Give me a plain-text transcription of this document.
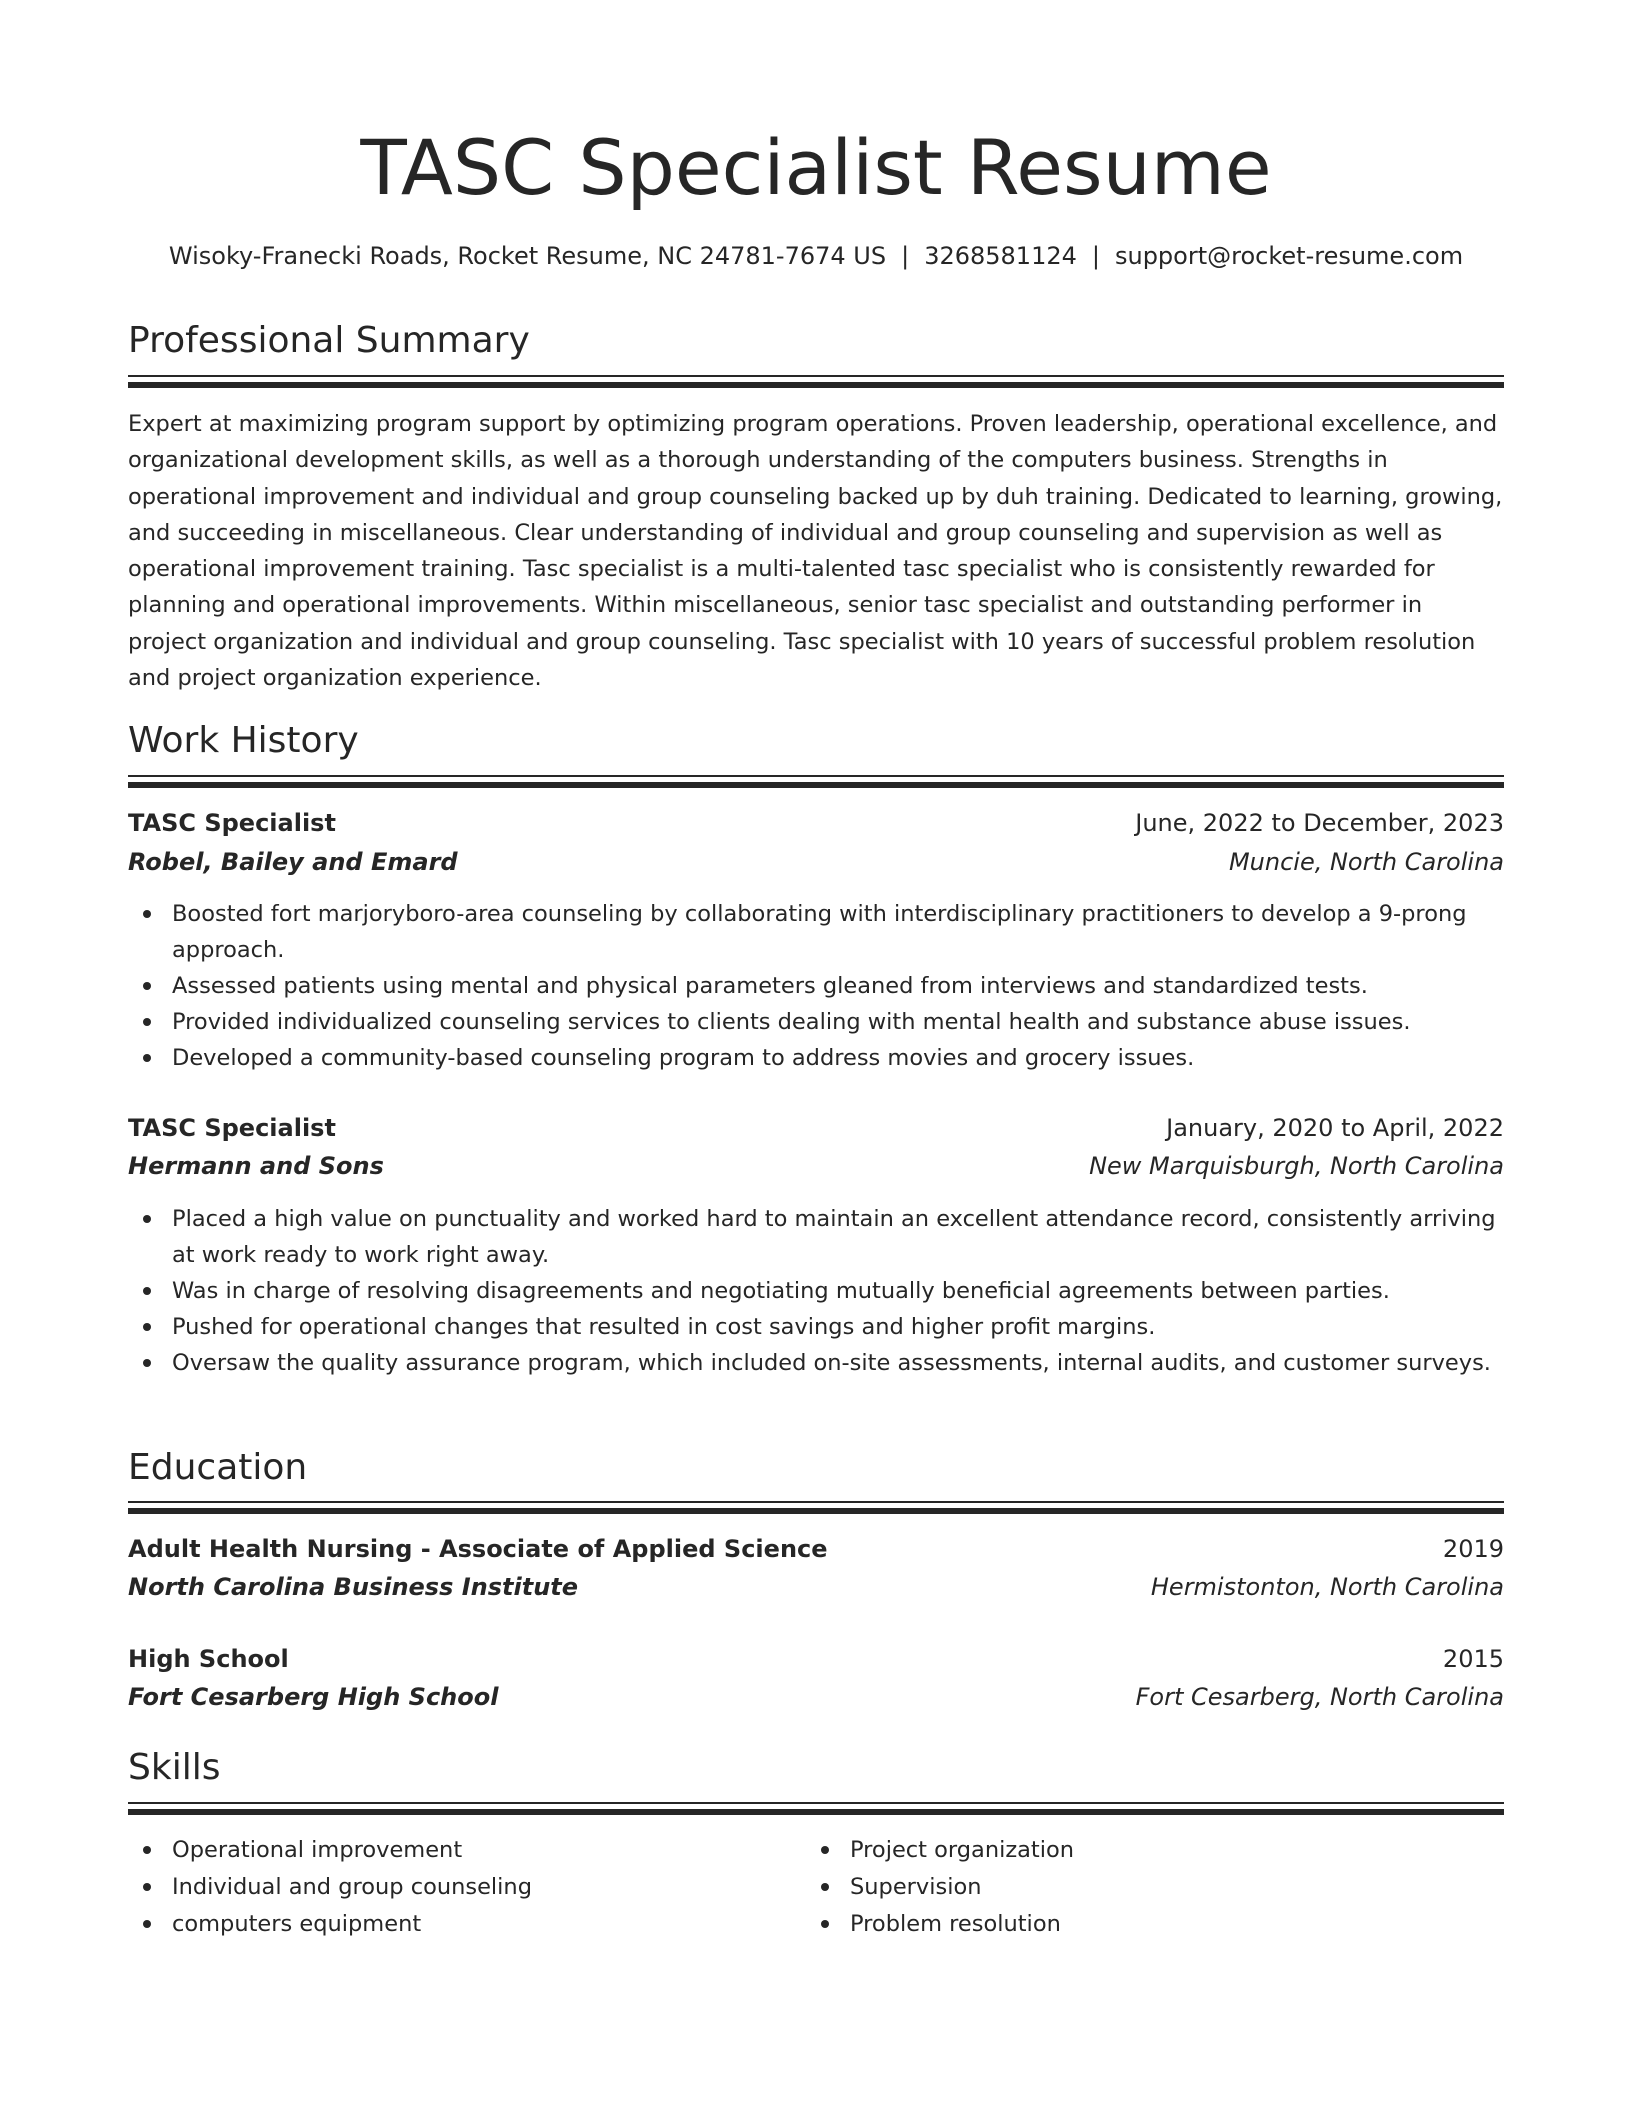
TASC Specialist Resume
Wisoky-Franecki Roads, Rocket Resume, NC 24781-7674 US | 3268581124 | support@rocket-resume.com
Professional Summary

Expert at maximizing program support by optimizing program operations. Proven leadership, operational excellence, and organizational development skills, as well as a thorough understanding of the computers business. Strengths in operational improvement and individual and group counseling backed up by duh training. Dedicated to learning, growing, and succeeding in miscellaneous. Clear understanding of individual and group counseling and supervision as well as operational improvement training. Tasc specialist is a multi-talented tasc specialist who is consistently rewarded for planning and operational improvements. Within miscellaneous, senior tasc specialist and outstanding performer in project organization and individual and group counseling. Tasc specialist with 10 years of successful problem resolution and project organization experience.

Work History
TASC Specialist	June, 2022 to December, 2023
Robel, Bailey and Emard	Muncie, North Carolina
Boosted fort marjoryboro-area counseling by collaborating with interdisciplinary practitioners to develop a 9-prong approach.
Assessed patients using mental and physical parameters gleaned from interviews and standardized tests.
Provided individualized counseling services to clients dealing with mental health and substance abuse issues.
Developed a community-based counseling program to address movies and grocery issues.
TASC Specialist	January, 2020 to April, 2022
Hermann and Sons	New Marquisburgh, North Carolina
Placed a high value on punctuality and worked hard to maintain an excellent attendance record, consistently arriving at work ready to work right away.
Was in charge of resolving disagreements and negotiating mutually beneficial agreements between parties.
Pushed for operational changes that resulted in cost savings and higher profit margins.
Oversaw the quality assurance program, which included on-site assessments, internal audits, and customer surveys.
Education
Adult Health Nursing - Associate of Applied Science	2019
North Carolina Business Institute	Hermistonton, North Carolina
High School	2015
Fort Cesarberg High School	Fort Cesarberg, North Carolina
Skills
Operational improvement
Individual and group counseling
computers equipment
Project organization
Supervision
Problem resolution
